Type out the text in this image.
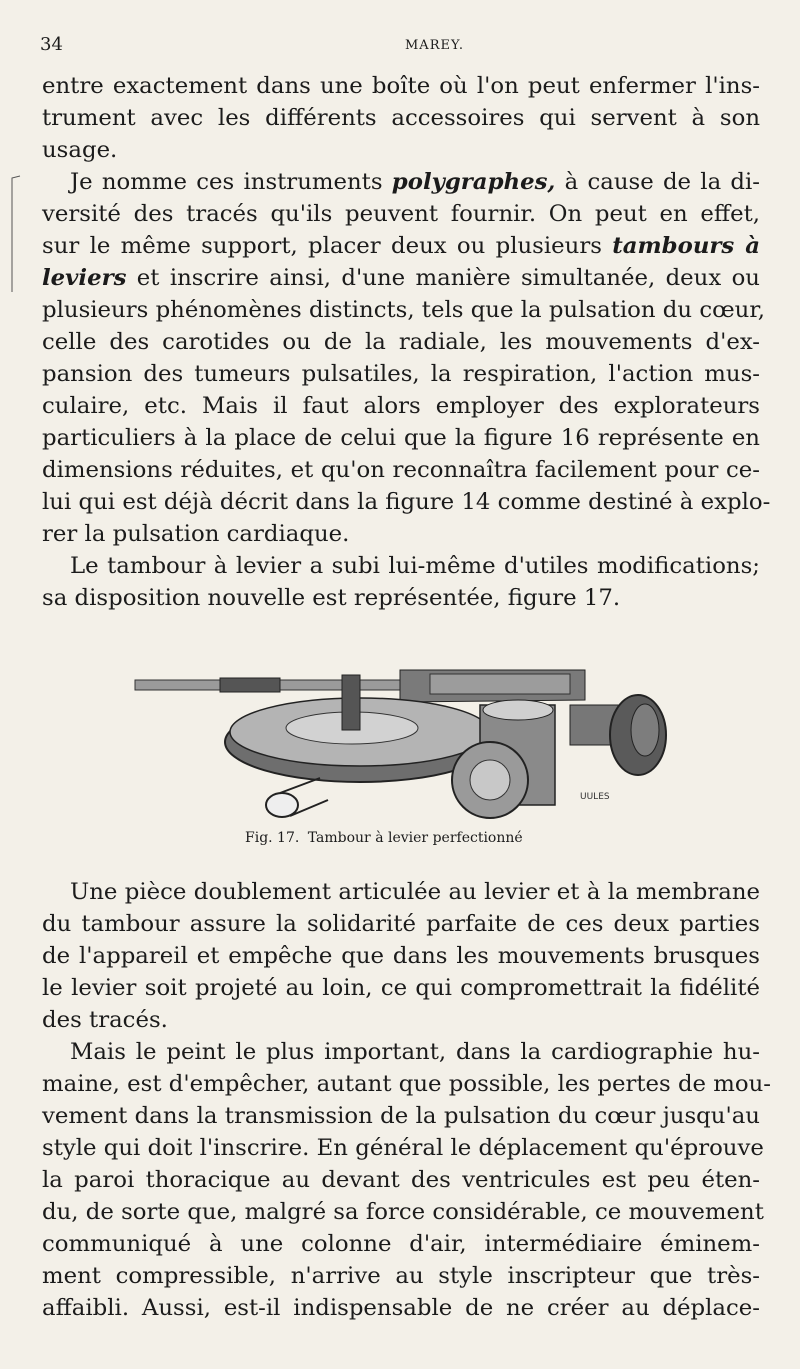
34	MAREY.
entre exactement dans une boîte où l'on peut enfermer l'ins-
trument avec les différents accessoires qui servent à son
usage.
Je nomme ces instruments polygraphes, à cause de la di-
versité des tracés qu'ils peuvent fournir. On peut en effet,
sur le même support, placer deux ou plusieurs tambours à
leviers et inscrire ainsi, d'une manière simultanée, deux ou
plusieurs phénomènes distincts, tels que la pulsation du cœur,
celle des carotides ou de la radiale, les mouvements d'ex-
pansion des tumeurs pulsatiles, la respiration, l'action mus-
culaire, etc. Mais il faut alors employer des explorateurs
particuliers à la place de celui que la figure 16 représente en
dimensions réduites, et qu'on reconnaîtra facilement pour ce-
lui qui est déjà décrit dans la figure 14 comme destiné à explo-
rer la pulsation cardiaque.
Le tambour à levier a subi lui-même d'utiles modifications;
sa disposition nouvelle est représentée, figure 17.
UULES
Fig. 17. Tambour à levier perfectionné
Une pièce doublement articulée au levier et à la membrane
du tambour assure la solidarité parfaite de ces deux parties
de l'appareil et empêche que dans les mouvements brusques
le levier soit projeté au loin, ce qui compromettrait la fidélité
des tracés.
Mais le peint le plus important, dans la cardiographie hu-
maine, est d'empêcher, autant que possible, les pertes de mou-
vement dans la transmission de la pulsation du cœur jusqu'au
style qui doit l'inscrire. En général le déplacement qu'éprouve
la paroi thoracique au devant des ventricules est peu éten-
du, de sorte que, malgré sa force considérable, ce mouvement
communiqué à une colonne d'air, intermédiaire éminem-
ment compressible, n'arrive au style inscripteur que très-
affaibli. Aussi, est-il indispensable de ne créer au déplace-
